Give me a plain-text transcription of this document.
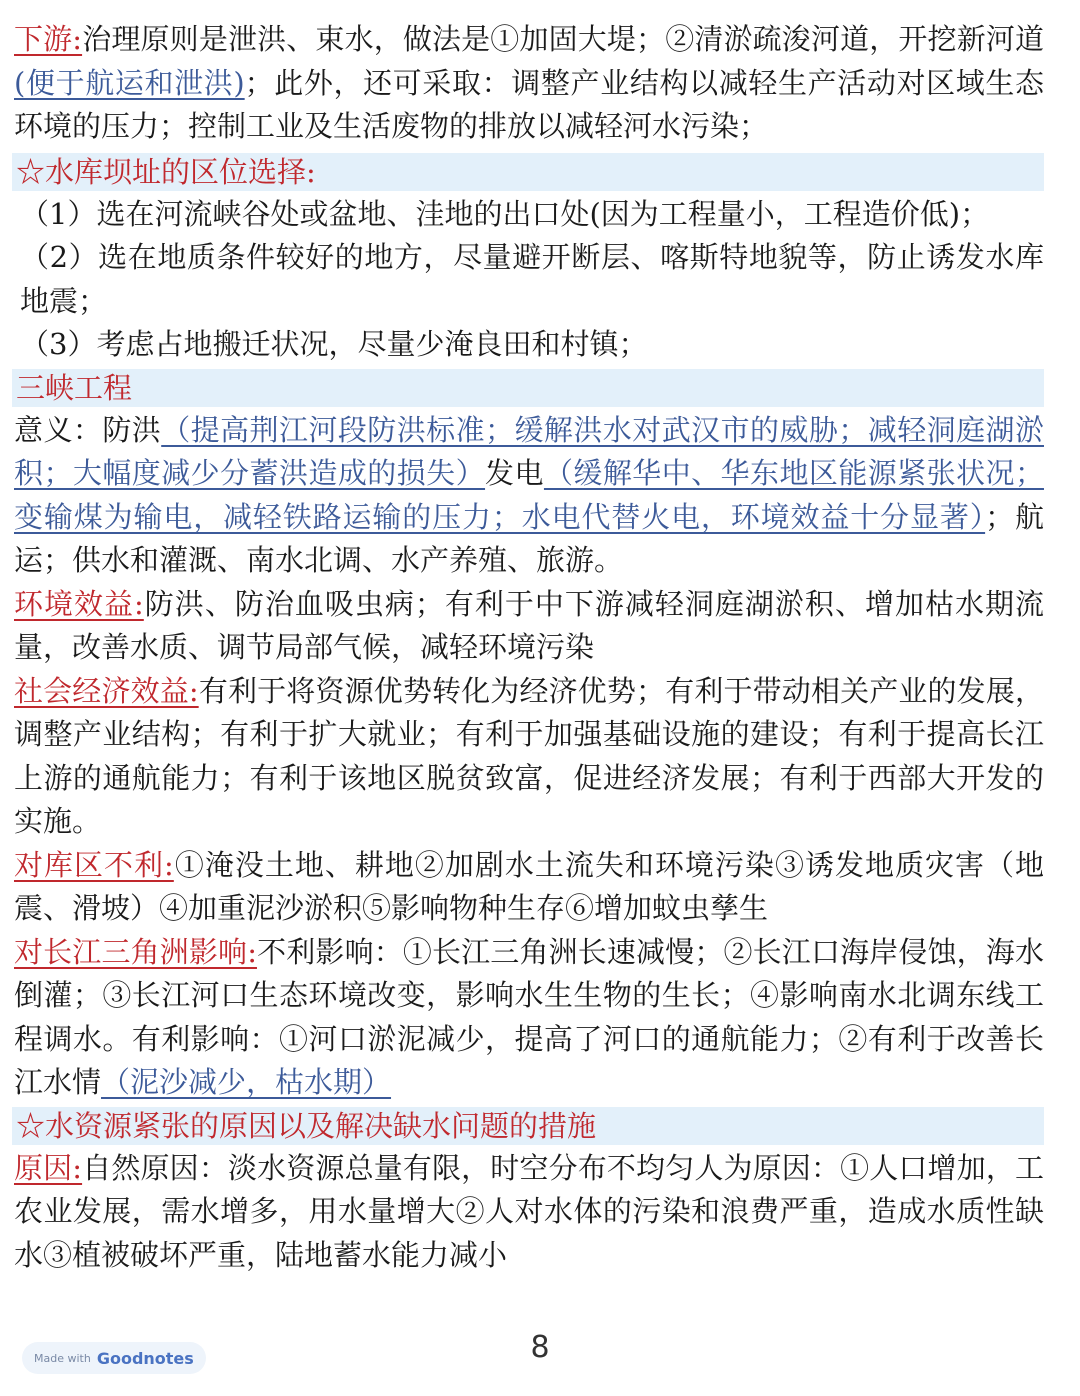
下游:治理原则是泄洪、束水，做法是①加固大堤；②清淤疏浚河道，开挖新河道(便于航运和泄洪)；此外，还可采取：调整产业结构以减轻生产活动对区域生态环境的压力；控制工业及生活废物的排放以减轻河水污染；

☆水库坝址的区位选择:

（1）选在河流峡谷处或盆地、洼地的出口处(因为工程量小，工程造价低)；

（2）选在地质条件较好的地方，尽量避开断层、喀斯特地貌等，防止诱发水库地震；

（3）考虑占地搬迁状况，尽量少淹良田和村镇；

三峡工程

意义：防洪（提高荆江河段防洪标准；缓解洪水对武汉市的威胁；减轻洞庭湖淤积；大幅度减少分蓄洪造成的损失）发电（缓解华中、华东地区能源紧张状况；变输煤为输电，减轻铁路运输的压力；水电代替火电，环境效益十分显著）；航运；供水和灌溉、南水北调、水产养殖、旅游。

环境效益:防洪、防治血吸虫病；有利于中下游减轻洞庭湖淤积、增加枯水期流量，改善水质、调节局部气候，减轻环境污染

社会经济效益:有利于将资源优势转化为经济优势；有利于带动相关产业的发展，调整产业结构；有利于扩大就业；有利于加强基础设施的建设；有利于提高长江上游的通航能力；有利于该地区脱贫致富，促进经济发展；有利于西部大开发的实施。

对库区不利:①淹没土地、耕地②加剧水土流失和环境污染③诱发地质灾害（地震、滑坡）④加重泥沙淤积⑤影响物种生存⑥增加蚊虫孳生

对长江三角洲影响:不利影响：①长江三角洲长速减慢；②长江口海岸侵蚀，海水倒灌；③长江河口生态环境改变，影响水生生物的生长；④影响南水北调东线工程调水。有利影响：①河口淤泥减少，提高了河口的通航能力；②有利于改善长江水情（泥沙减少，枯水期）

☆水资源紧张的原因以及解决缺水问题的措施

原因:自然原因：淡水资源总量有限，时空分布不均匀人为原因：①人口增加，工农业发展，需水增多，用水量增大②人对水体的污染和浪费严重，造成水质性缺水③植被破坏严重，陆地蓄水能力减小

8
Made with Goodnotes
